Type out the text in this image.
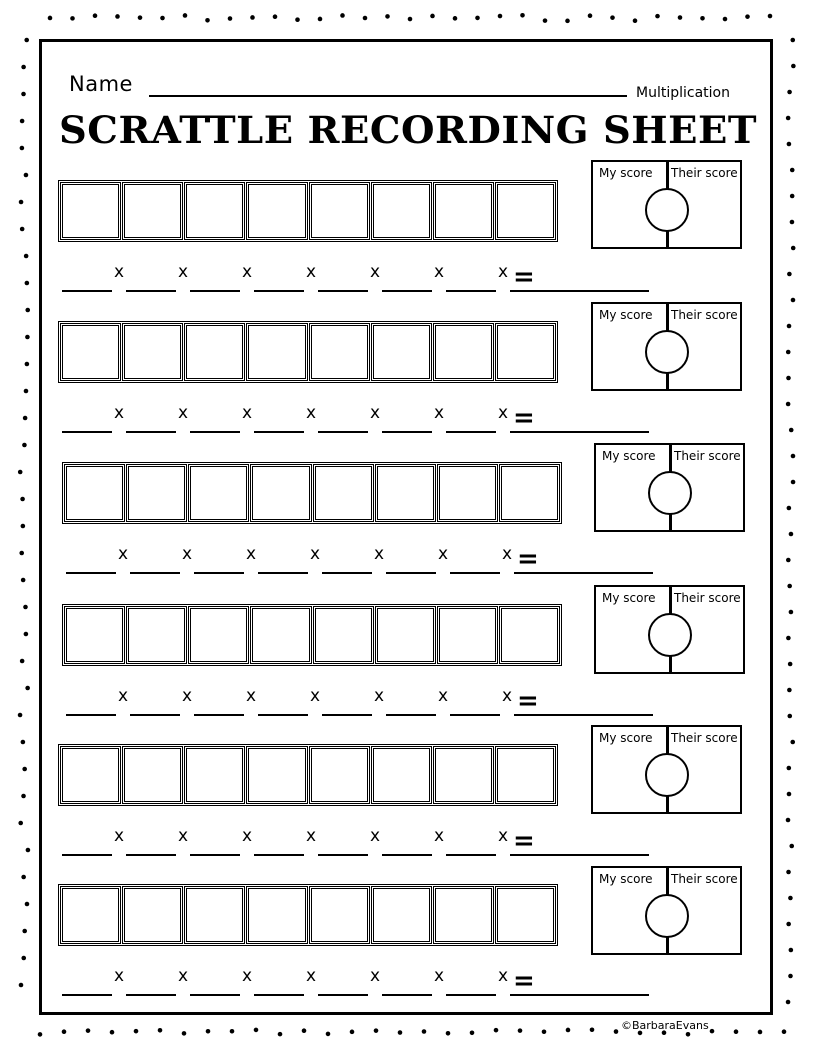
Name	Multiplication
SCRATTLE RECORDING SHEET
x	x	x	x	x	x	x =
My score Their score
x	x	x	x	x	x	x =
My score Their score
x	x	x	x	x	x	x =
My score Their score
x	x	x	x	x	x	x =
My score Their score
x	x	x	x	x	x	x =
My score Their score
x	x	x	x	x	x	x =
My score Their score
©BarbaraEvans
